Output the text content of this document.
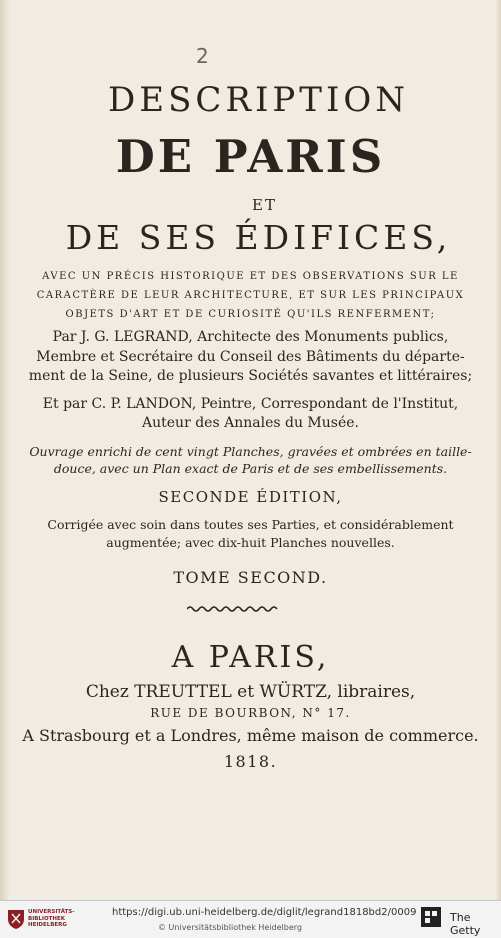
2
DESCRIPTION
DE PARIS
ET
DE SES ÉDIFICES,
AVEC UN PRÉCIS HISTORIQUE ET DES OBSERVATIONS SUR LE
CARACTÈRE DE LEUR ARCHITECTURE, ET SUR LES PRINCIPAUX
OBJETS D'ART ET DE CURIOSITÉ QU'ILS RENFERMENT;
Par J. G. LEGRAND, Architecte des Monuments publics,
Membre et Secrétaire du Conseil des Bâtiments du départe-
ment de la Seine, de plusieurs Sociétés savantes et littéraires;
Et par C. P. LANDON, Peintre, Correspondant de l'Institut,
Auteur des Annales du Musée.
Ouvrage enrichi de cent vingt Planches, gravées et ombrées en taille-
douce, avec un Plan exact de Paris et de ses embellissements.
SECONDE ÉDITION,
Corrigée avec soin dans toutes ses Parties, et considérablement
augmentée; avec dix-huit Planches nouvelles.
TOME SECOND.
A PARIS,
Chez TREUTTEL et WÜRTZ, libraires,
RUE DE BOURBON, N° 17.
A Strasbourg et a Londres, même maison de commerce.
1818.
UNIVERSITÄTS-
BIBLIOTHEK
HEIDELBERG
https://digi.ub.uni-heidelberg.de/diglit/legrand1818bd2/0009
© Universitätsbibliothek Heidelberg
The Getty
